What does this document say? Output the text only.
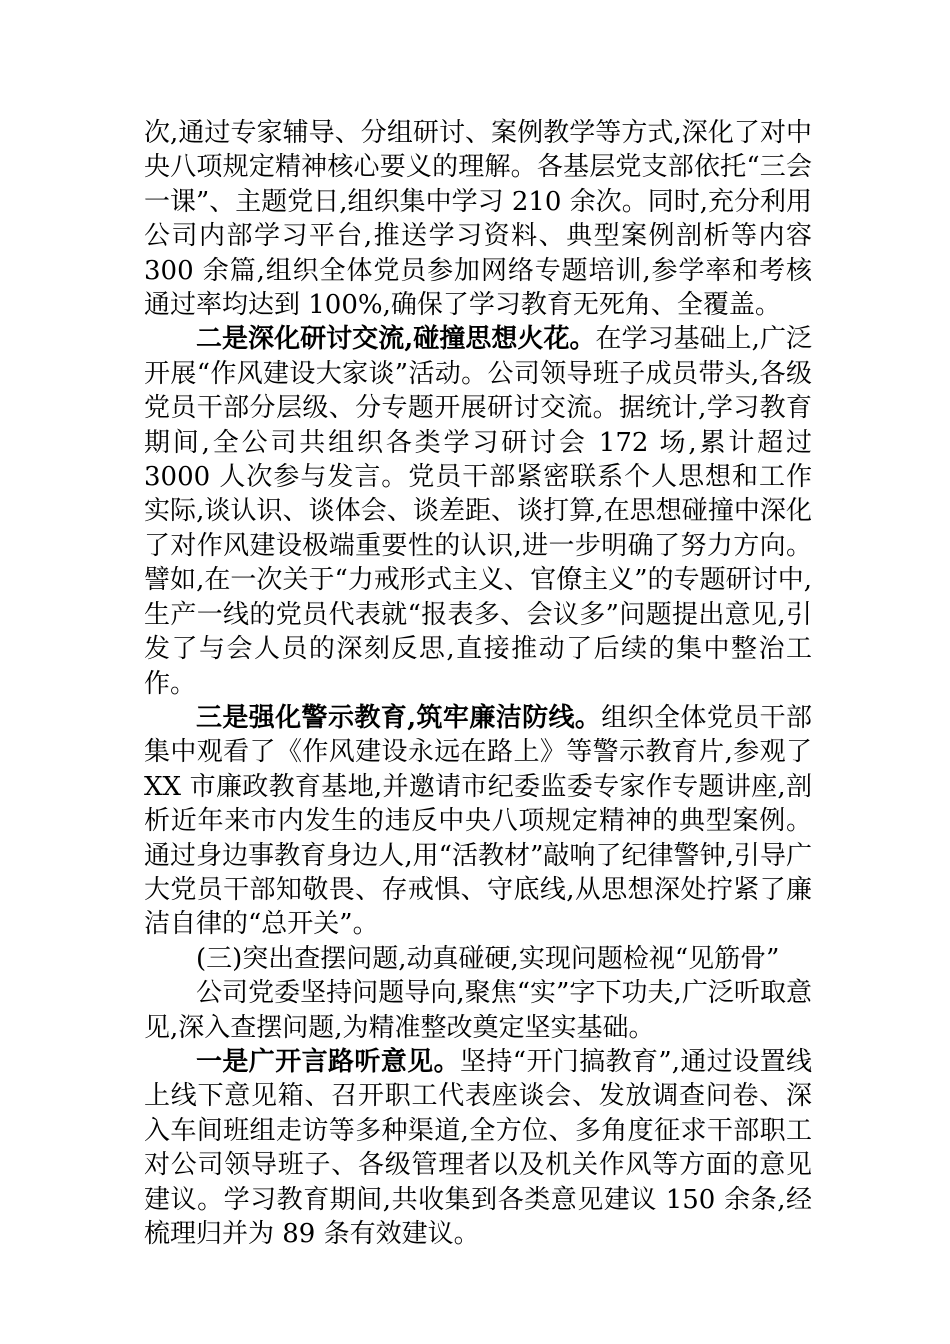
次,通过专家辅导、分组研讨、案例教学等方式,深化了对中央八项规定精神核心要义的理解。各基层党支部依托“三会一课”、主题党日,组织集中学习 210 余次。同时,充分利用公司内部学习平台,推送学习资料、典型案例剖析等内容 300 余篇,组织全体党员参加网络专题培训,参学率和考核通过率均达到 100%,确保了学习教育无死角、全覆盖。

二是深化研讨交流,碰撞思想火花。在学习基础上,广泛开展“作风建设大家谈”活动。公司领导班子成员带头,各级党员干部分层级、分专题开展研讨交流。据统计,学习教育期间,全公司共组织各类学习研讨会 172 场,累计超过 3000 人次参与发言。党员干部紧密联系个人思想和工作实际,谈认识、谈体会、谈差距、谈打算,在思想碰撞中深化了对作风建设极端重要性的认识,进一步明确了努力方向。譬如,在一次关于“力戒形式主义、官僚主义”的专题研讨中,生产一线的党员代表就“报表多、会议多”问题提出意见,引发了与会人员的深刻反思,直接推动了后续的集中整治工作。

三是强化警示教育,筑牢廉洁防线。组织全体党员干部集中观看了《作风建设永远在路上》等警示教育片,参观了XX 市廉政教育基地,并邀请市纪委监委专家作专题讲座,剖析近年来市内发生的违反中央八项规定精神的典型案例。通过身边事教育身边人,用“活教材”敲响了纪律警钟,引导广大党员干部知敬畏、存戒惧、守底线,从思想深处拧紧了廉洁自律的“总开关”。

(三)突出查摆问题,动真碰硬,实现问题检视“见筋骨”

公司党委坚持问题导向,聚焦“实”字下功夫,广泛听取意见,深入查摆问题,为精准整改奠定坚实基础。

一是广开言路听意见。坚持“开门搞教育”,通过设置线上线下意见箱、召开职工代表座谈会、发放调查问卷、深入车间班组走访等多种渠道,全方位、多角度征求干部职工对公司领导班子、各级管理者以及机关作风等方面的意见建议。学习教育期间,共收集到各类意见建议 150 余条,经梳理归并为 89 条有效建议。
